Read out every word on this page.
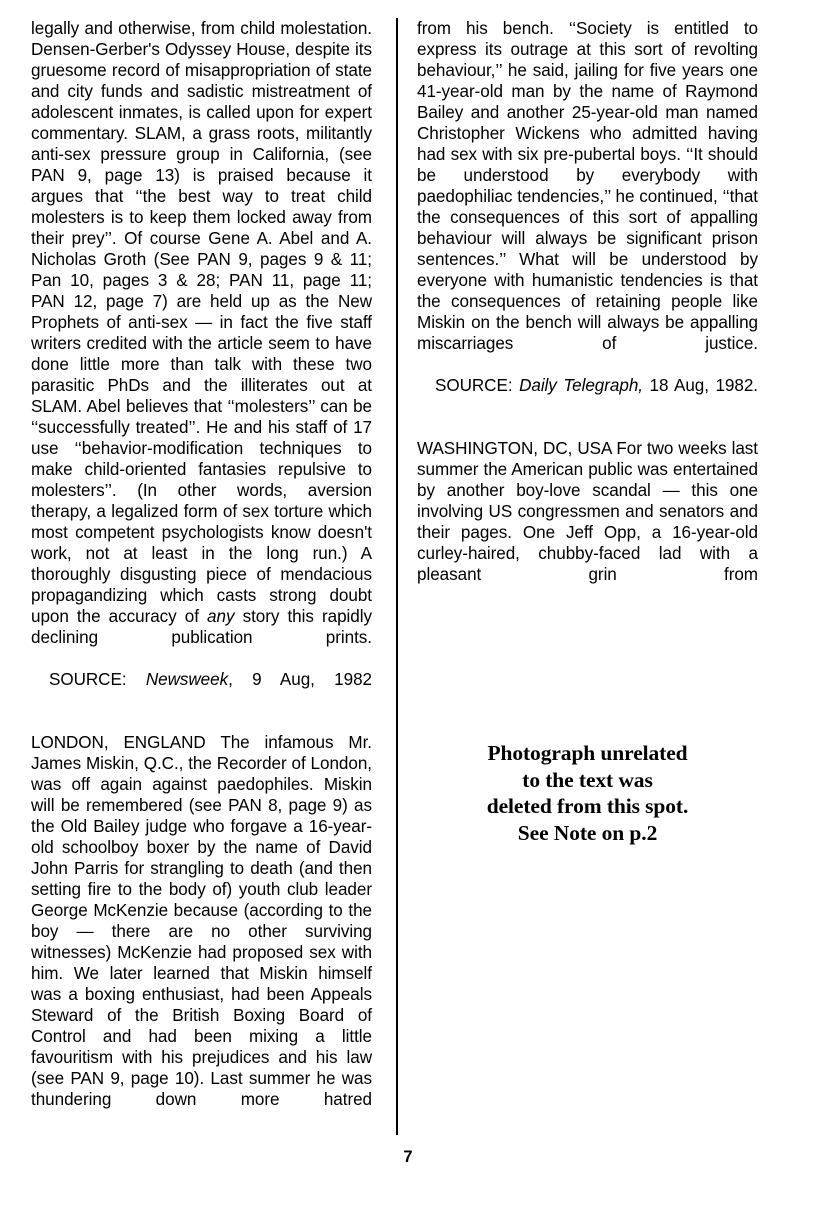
legally and otherwise, from child molestation. Densen-Gerber's Odyssey House, despite its gruesome record of misappropriation of state and city funds and sadistic mistreatment of adolescent inmates, is called upon for expert commentary. SLAM, a grass roots, militantly anti-sex pressure group in California, (see PAN 9, page 13) is praised because it argues that ‘‘the best way to treat child molesters is to keep them locked away from their prey’’. Of course Gene A. Abel and A. Nicholas Groth (See PAN 9, pages 9 & 11; Pan 10, pages 3 & 28; PAN 11, page 11; PAN 12, page 7) are held up as the New Prophets of anti-sex — in fact the five staff writers credited with the article seem to have done little more than talk with these two parasitic PhDs and the illiterates out at SLAM. Abel believes that ‘‘molesters’’ can be ‘‘successfully treated’’. He and his staff of 17 use ‘‘behavior-modification techniques to make child-oriented fantasies repulsive to molesters’’. (In other words, aversion therapy, a legalized form of sex torture which most competent psychologists know doesn't work, not at least in the long run.) A thoroughly disgusting piece of mendacious propagandizing which casts strong doubt upon the accuracy of any story this rapidly declining publication prints.

SOURCE: Newsweek, 9 Aug, 1982

LONDON, ENGLAND The infamous Mr. James Miskin, Q.C., the Recorder of London, was off again against paedophiles. Miskin will be remembered (see PAN 8, page 9) as the Old Bailey judge who forgave a 16-year-old schoolboy boxer by the name of David John Parris for strangling to death (and then setting fire to the body of) youth club leader George McKenzie because (according to the boy — there are no other surviving witnesses) McKenzie had proposed sex with him. We later learned that Miskin himself was a boxing enthusiast, had been Appeals Steward of the British Boxing Board of Control and had been mixing a little favouritism with his prejudices and his law (see PAN 9, page 10). Last summer he was thundering down more hatred

from his bench. ‘‘Society is entitled to express its outrage at this sort of revolting behaviour,’’ he said, jailing for five years one 41-year-old man by the name of Raymond Bailey and another 25-year-old man named Christopher Wickens who admitted having had sex with six pre-pubertal boys. ‘‘It should be understood by everybody with paedophiliac tendencies,’’ he continued, ‘‘that the consequences of this sort of appalling behaviour will always be significant prison sentences.’’ What will be understood by everyone with humanistic tendencies is that the consequences of retaining people like Miskin on the bench will always be appalling miscarriages of justice.

SOURCE: Daily Telegraph, 18 Aug, 1982.

WASHINGTON, DC, USA For two weeks last summer the American public was entertained by another boy-love scandal — this one involving US congressmen and senators and their pages. One Jeff Opp, a 16-year-old curley-haired, chubby-faced lad with a pleasant grin from

Photograph unrelated
to the text was
deleted from this spot.
See Note on p.2
7
